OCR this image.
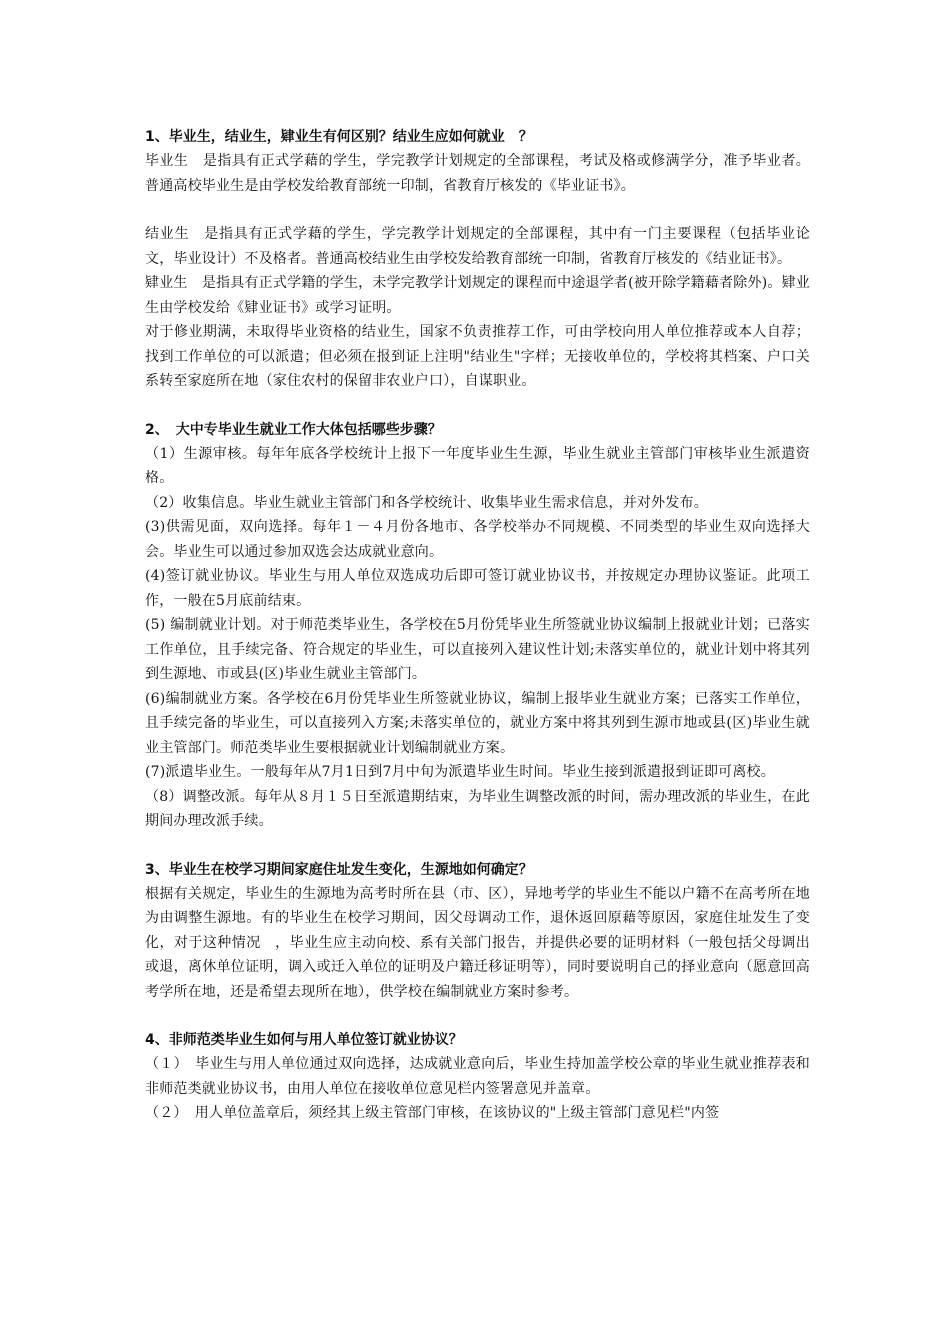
1、毕业生，结业生，肄业生有何区别？结业生应如何就业　？

毕业生　是指具有正式学藉的学生，学完教学计划规定的全部课程，考试及格或修满学分，准予毕业者。普通高校毕业生是由学校发给教育部统一印制，省教育厅核发的《毕业证书》。

结业生　是指具有正式学藉的学生，学完教学计划规定的全部课程，其中有一门主要课程（包括毕业论文，毕业设计）不及格者。普通高校结业生由学校发给教育部统一印制，省教育厅核发的《结业证书》。

肄业生　是指具有正式学籍的学生，未学完教学计划规定的课程而中途退学者(被开除学籍藉者除外)。肄业生由学校发给《肄业证书》或学习证明。

对于修业期满，未取得毕业资格的结业生，国家不负责推荐工作，可由学校向用人单位推荐或本人自荐；找到工作单位的可以派遣；但必须在报到证上注明"结业生"字样；无接收单位的，学校将其档案、户口关系转至家庭所在地（家住农村的保留非农业户口），自谋职业。

2、　大中专毕业生就业工作大体包括哪些步骤？

（1）生源审核。每年年底各学校统计上报下一年度毕业生生源，毕业生就业主管部门审核毕业生派遣资格。

（2）收集信息。毕业生就业主管部门和各学校统计、收集毕业生需求信息，并对外发布。

(3)供需见面，双向选择。每年１－４月份各地市、各学校举办不同规模、不同类型的毕业生双向选择大会。毕业生可以通过参加双选会达成就业意向。

(4)签订就业协议。毕业生与用人单位双选成功后即可签订就业协议书，并按规定办理协议鉴证。此项工作，一般在5月底前结束。

(5) 编制就业计划。对于师范类毕业生，各学校在5月份凭毕业生所签就业协议编制上报就业计划；已落实工作单位，且手续完备、符合规定的毕业生，可以直接列入建议性计划;未落实单位的，就业计划中将其列到生源地、市或县(区)毕业生就业主管部门。

(6)编制就业方案。各学校在6月份凭毕业生所签就业协议，编制上报毕业生就业方案；已落实工作单位，且手续完备的毕业生，可以直接列入方案;未落实单位的，就业方案中将其列到生源市地或县(区)毕业生就业主管部门。师范类毕业生要根据就业计划编制就业方案。

(7)派遣毕业生。一般每年从7月1日到7月中旬为派遣毕业生时间。毕业生接到派遣报到证即可离校。

（8）调整改派。每年从８月１５日至派遣期结束，为毕业生调整改派的时间，需办理改派的毕业生，在此期间办理改派手续。

3、毕业生在校学习期间家庭住址发生变化，生源地如何确定？

根据有关规定，毕业生的生源地为高考时所在县（市、区），异地考学的毕业生不能以户籍不在高考所在地为由调整生源地。有的毕业生在校学习期间，因父母调动工作，退休返回原藉等原因，家庭住址发生了变化，对于这种情况　，毕业生应主动向校、系有关部门报告，并提供必要的证明材料（一般包括父母调出或退，离休单位证明，调入或迁入单位的证明及户籍迁移证明等），同时要说明自己的择业意向（愿意回高考学所在地，还是希望去现所在地），供学校在编制就业方案时参考。

4、非师范类毕业生如何与用人单位签订就业协议？

（１）　毕业生与用人单位通过双向选择，达成就业意向后，毕业生持加盖学校公章的毕业生就业推荐表和非师范类就业协议书，由用人单位在接收单位意见栏内签署意见并盖章。

（２）　用人单位盖章后，须经其上级主管部门审核，在该协议的"上级主管部门意见栏"内签
